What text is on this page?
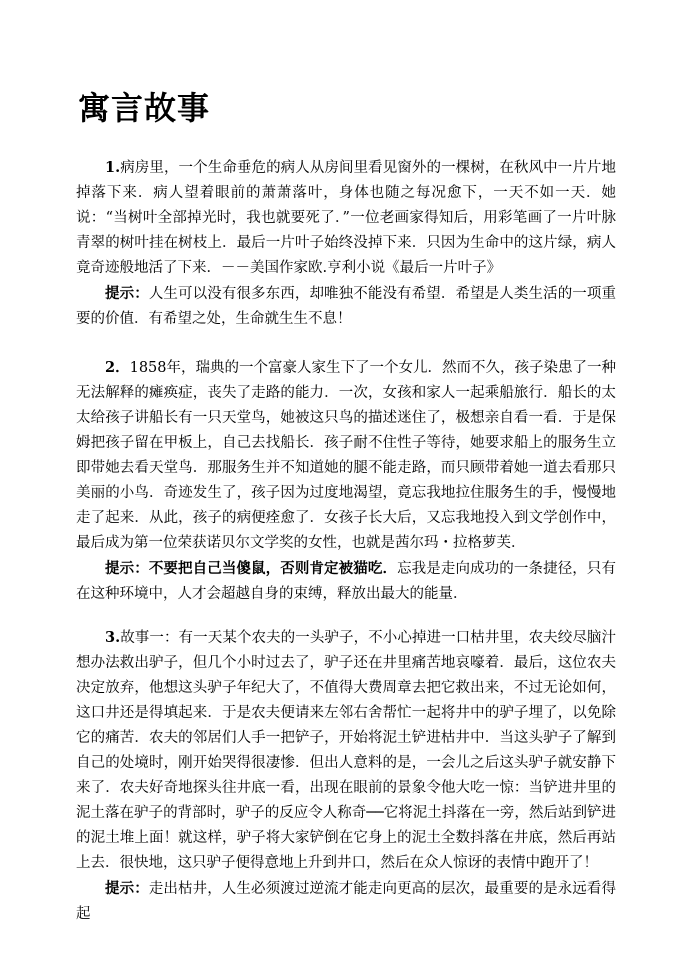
寓言故事

1.病房里，一个生命垂危的病人从房间里看见窗外的一棵树，在秋风中一片片地掉落下来．病人望着眼前的萧萧落叶，身体也随之每况愈下，一天不如一天．她说：“当树叶全部掉光时，我也就要死了．”一位老画家得知后，用彩笔画了一片叶脉青翠的树叶挂在树枝上．最后一片叶子始终没掉下来．只因为生命中的这片绿，病人竟奇迹般地活了下来．－－美国作家欧.亨利小说《最后一片叶子》

提示：人生可以没有很多东西，却唯独不能没有希望．希望是人类生活的一项重要的价值．有希望之处，生命就生生不息！

2．1858年，瑞典的一个富豪人家生下了一个女儿．然而不久，孩子染患了一种无法解释的瘫痪症，丧失了走路的能力．一次，女孩和家人一起乘船旅行．船长的太太给孩子讲船长有一只天堂鸟，她被这只鸟的描述迷住了，极想亲自看一看．于是保姆把孩子留在甲板上，自己去找船长．孩子耐不住性子等待，她要求船上的服务生立即带她去看天堂鸟．那服务生并不知道她的腿不能走路，而只顾带着她一道去看那只美丽的小鸟．奇迹发生了，孩子因为过度地渴望，竟忘我地拉住服务生的手，慢慢地走了起来．从此，孩子的病便痊愈了．女孩子长大后，又忘我地投入到文学创作中，最后成为第一位荣获诺贝尔文学奖的女性，也就是茜尔玛・拉格萝芙．

提示：不要把自己当傻鼠，否则肯定被猫吃．忘我是走向成功的一条捷径，只有在这种环境中，人才会超越自身的束缚，释放出最大的能量．

3.故事一：有一天某个农夫的一头驴子，不小心掉进一口枯井里，农夫绞尽脑汁想办法救出驴子，但几个小时过去了，驴子还在井里痛苦地哀嚎着．最后，这位农夫决定放弃，他想这头驴子年纪大了，不值得大费周章去把它救出来，不过无论如何，这口井还是得填起来．于是农夫便请来左邻右舍帮忙一起将井中的驴子埋了，以免除它的痛苦．农夫的邻居们人手一把铲子，开始将泥土铲进枯井中．当这头驴子了解到自己的处境时，刚开始哭得很凄惨．但出人意料的是，一会儿之后这头驴子就安静下来了．农夫好奇地探头往井底一看，出现在眼前的景象令他大吃一惊：当铲进井里的泥土落在驴子的背部时，驴子的反应令人称奇──它将泥土抖落在一旁，然后站到铲进的泥土堆上面！就这样，驴子将大家铲倒在它身上的泥土全数抖落在井底，然后再站上去．很快地，这只驴子便得意地上升到井口，然后在众人惊讶的表情中跑开了！

提示：走出枯井，人生必须渡过逆流才能走向更高的层次，最重要的是永远看得起
